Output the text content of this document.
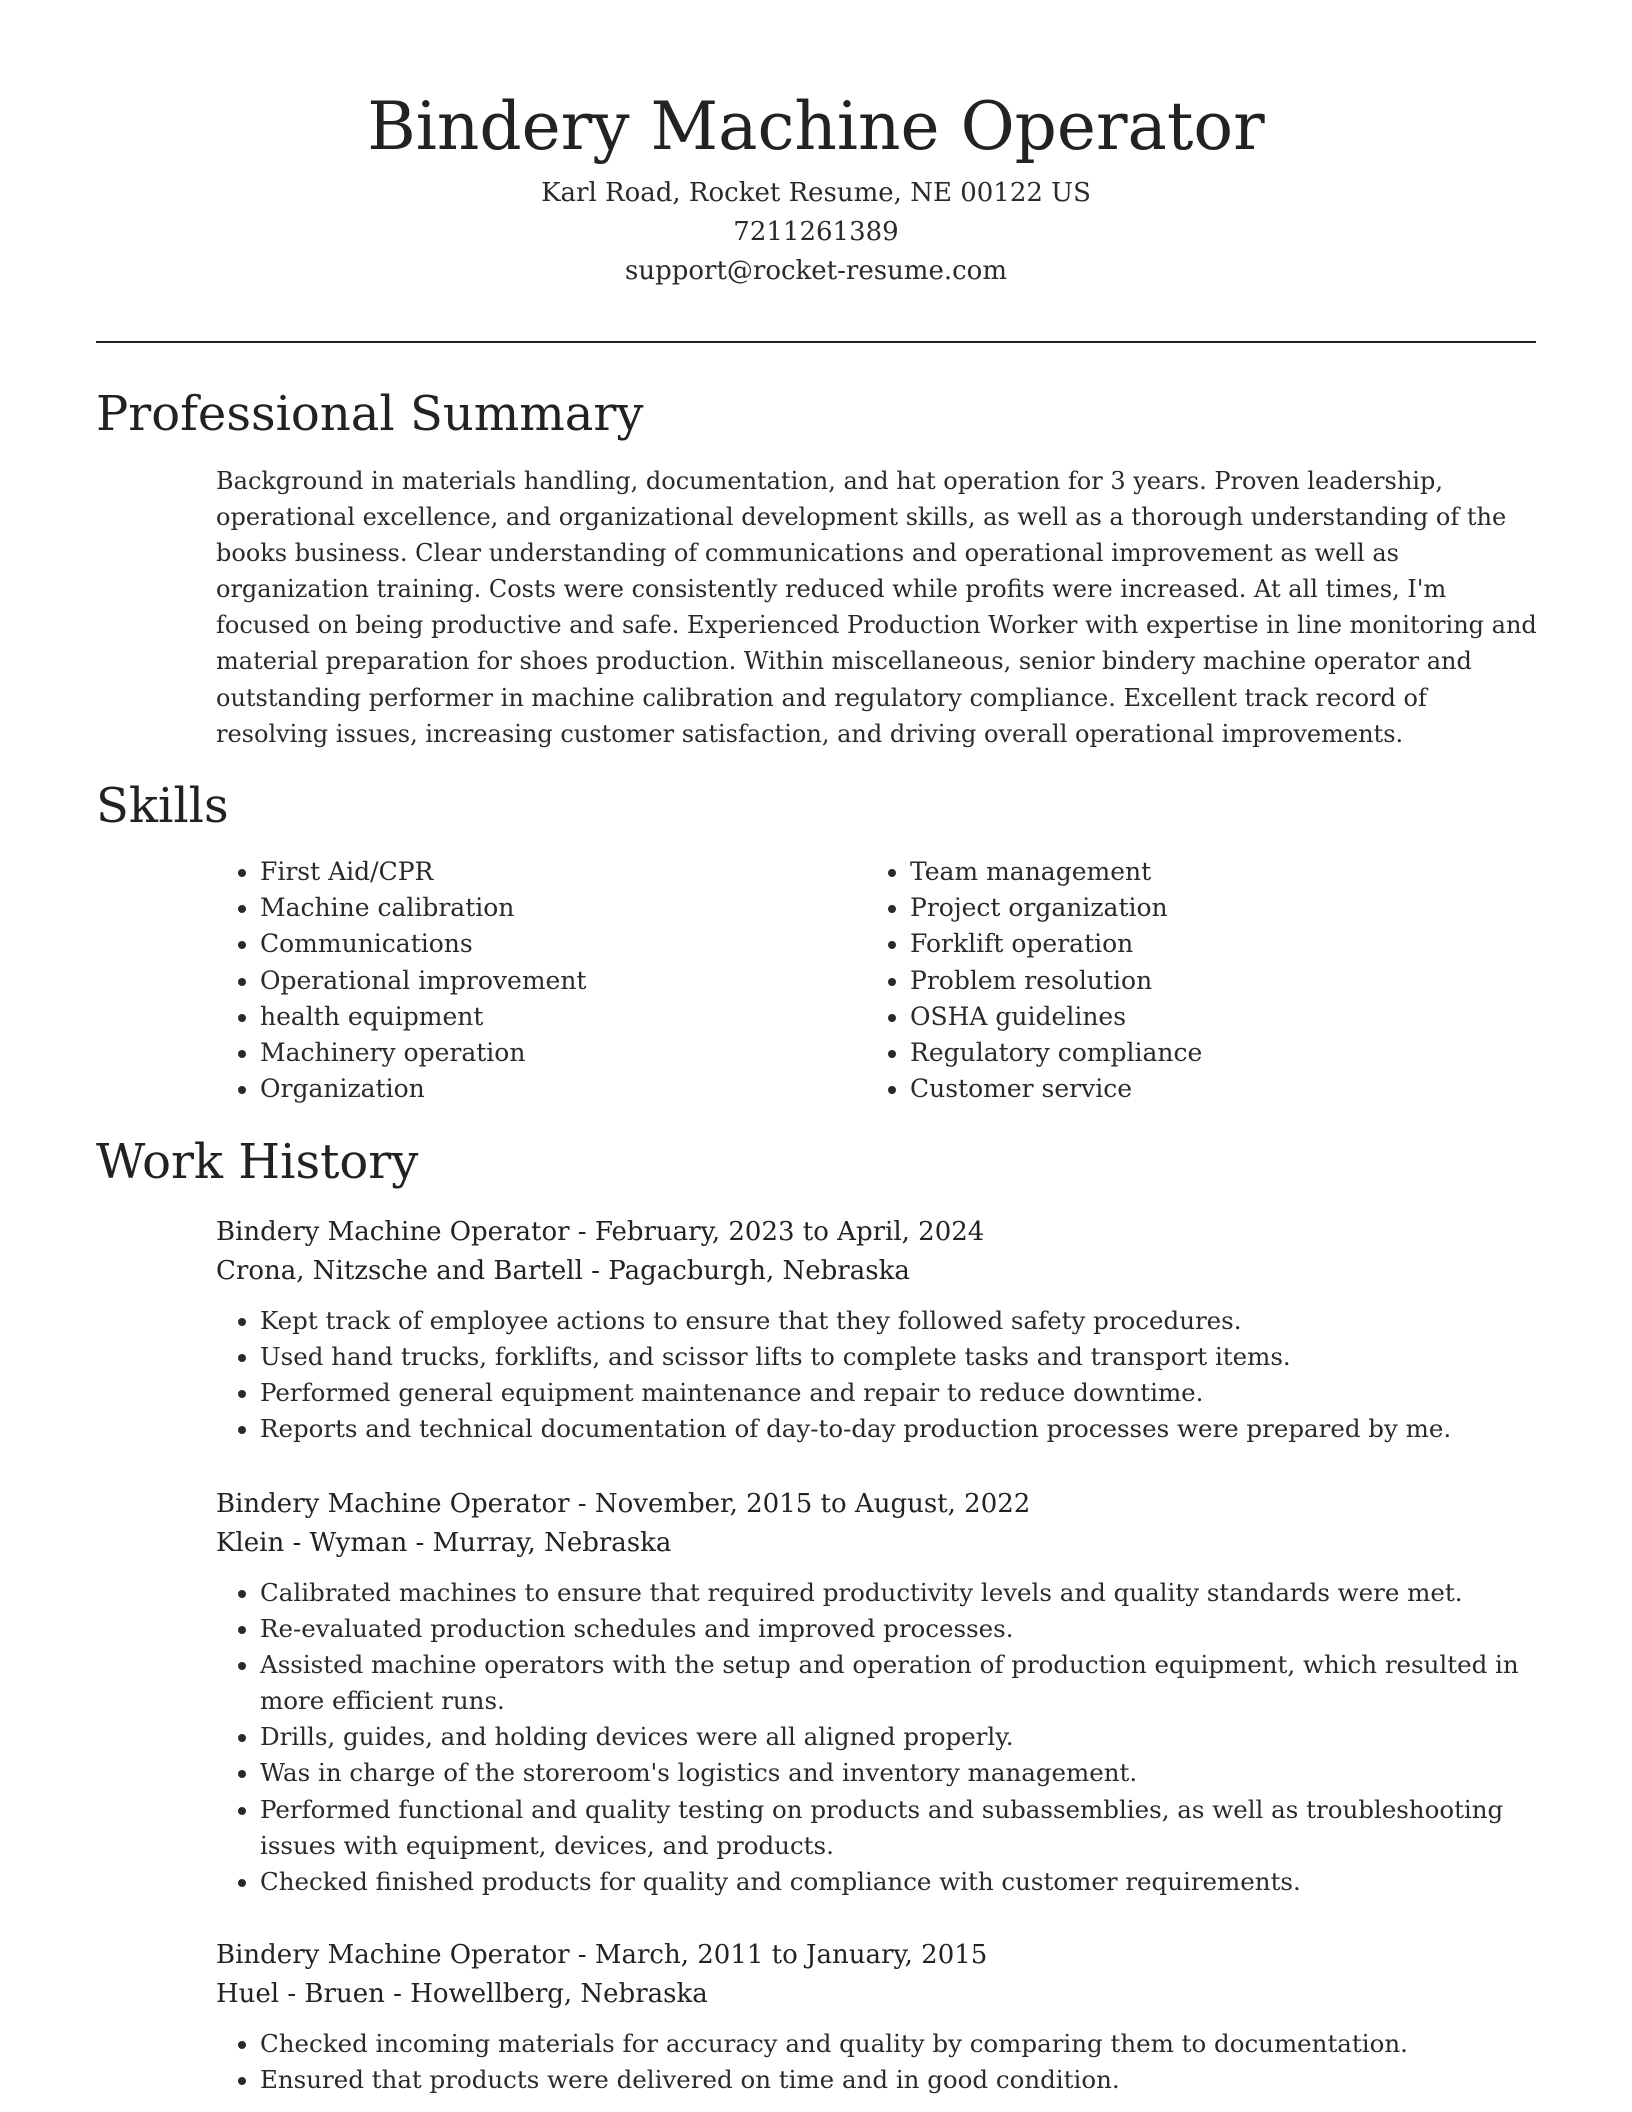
Bindery Machine Operator
Karl Road, Rocket Resume, NE 00122 US
7211261389
support@rocket-resume.com
Professional Summary

Background in materials handling, documentation, and hat operation for 3 years. Proven leadership, operational excellence, and organizational development skills, as well as a thorough understanding of the books business. Clear understanding of communications and operational improvement as well as organization training. Costs were consistently reduced while profits were increased. At all times, I'm focused on being productive and safe. Experienced Production Worker with expertise in line monitoring and material preparation for shoes production. Within miscellaneous, senior bindery machine operator and outstanding performer in machine calibration and regulatory compliance. Excellent track record of resolving issues, increasing customer satisfaction, and driving overall operational improvements.

Skills
• First Aid/CPR
• Machine calibration
• Communications
• Operational improvement
• health equipment
• Machinery operation
• Organization
• Team management
• Project organization
• Forklift operation
• Problem resolution
• OSHA guidelines
• Regulatory compliance
• Customer service
Work History
Bindery Machine Operator - February, 2023 to April, 2024
Crona, Nitzsche and Bartell - Pagacburgh, Nebraska
• Kept track of employee actions to ensure that they followed safety procedures.
• Used hand trucks, forklifts, and scissor lifts to complete tasks and transport items.
• Performed general equipment maintenance and repair to reduce downtime.
• Reports and technical documentation of day-to-day production processes were prepared by me.
Bindery Machine Operator - November, 2015 to August, 2022
Klein - Wyman - Murray, Nebraska
• Calibrated machines to ensure that required productivity levels and quality standards were met.
• Re-evaluated production schedules and improved processes.
• Assisted machine operators with the setup and operation of production equipment, which resulted in more efficient runs.
• Drills, guides, and holding devices were all aligned properly.
• Was in charge of the storeroom's logistics and inventory management.
• Performed functional and quality testing on products and subassemblies, as well as troubleshooting issues with equipment, devices, and products.
• Checked finished products for quality and compliance with customer requirements.
Bindery Machine Operator - March, 2011 to January, 2015
Huel - Bruen - Howellberg, Nebraska
• Checked incoming materials for accuracy and quality by comparing them to documentation.
• Ensured that products were delivered on time and in good condition.
